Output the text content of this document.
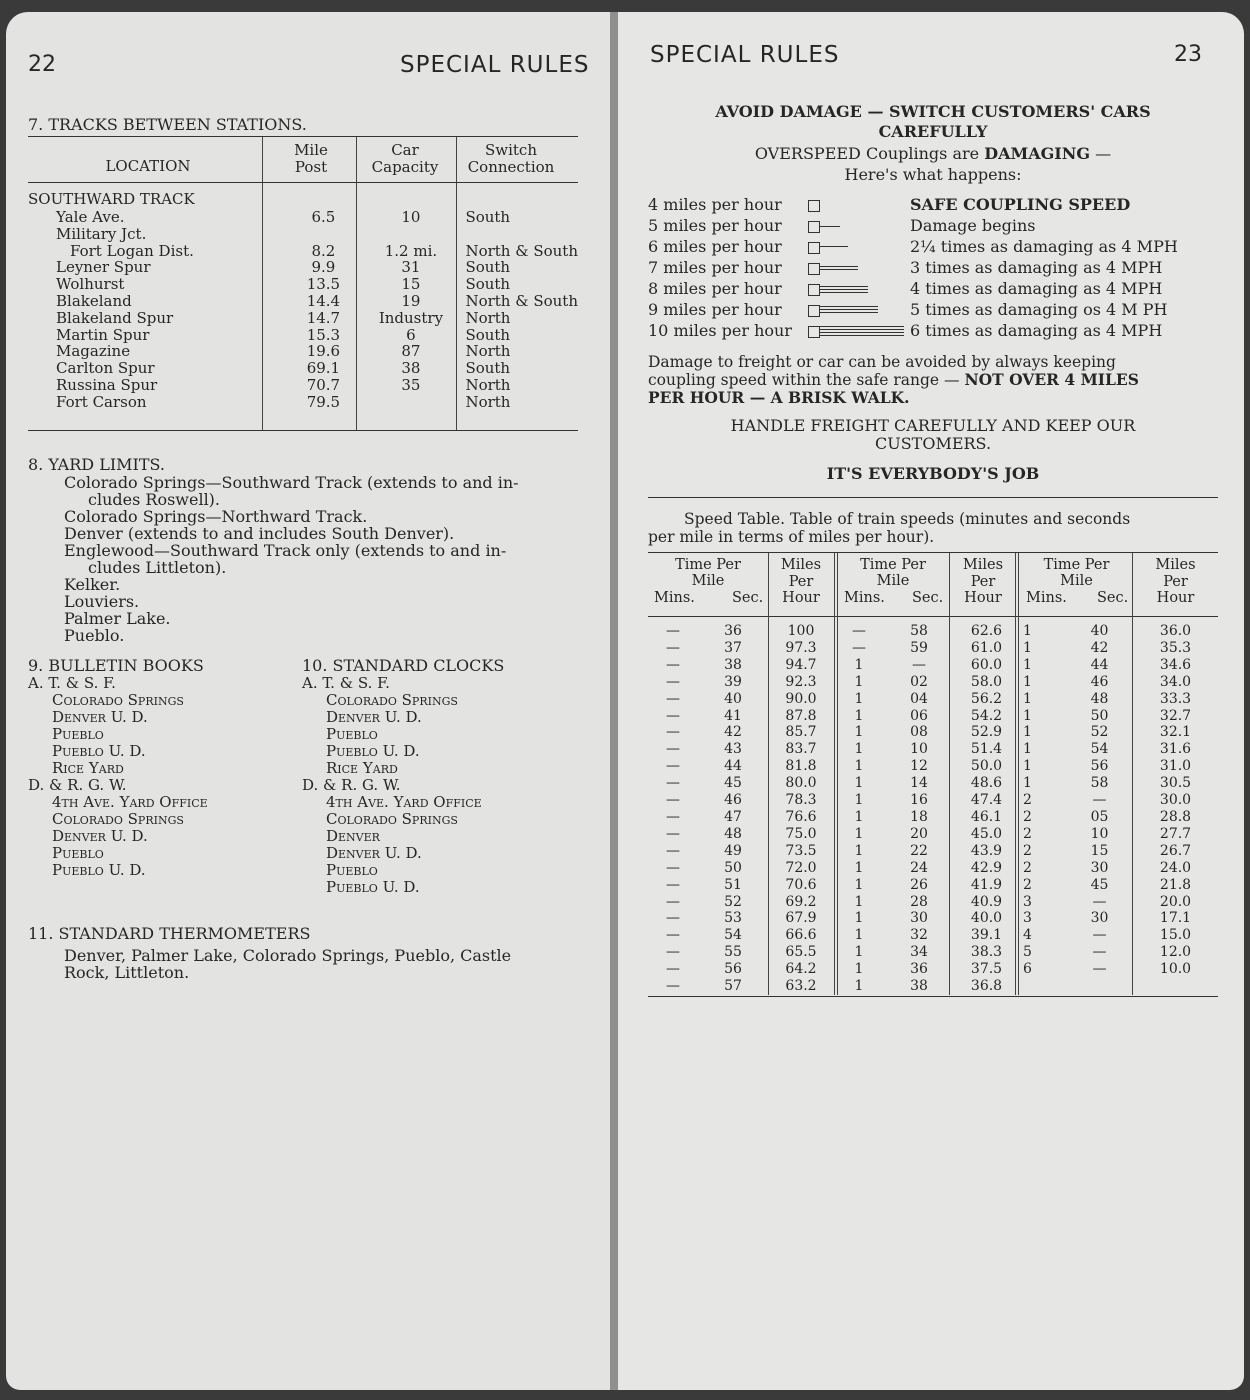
22	SPECIAL RULES
7. TRACKS BETWEEN STATIONS.
LOCATION
Mile
Post
Car
Capacity
Switch
Connection
SOUTHWARD TRACK
Yale Ave.	6.5	10	South
Military Jct.			
Fort Logan Dist.	8.2	1.2 mi.	North & South
Leyner Spur	9.9	31	South
Wolhurst	13.5	15	South
Blakeland	14.4	19	North & South
Blakeland Spur	14.7	Industry	North
Martin Spur	15.3	6	South
Magazine	19.6	87	North
Carlton Spur	69.1	38	South
Russina Spur	70.7	35	North
Fort Carson	79.5		North
8. YARD LIMITS.
Colorado Springs—Southward Track (extends to and in-
cludes Roswell).
Colorado Springs—Northward Track.
Denver (extends to and includes South Denver).
Englewood—Southward Track only (extends to and in-
cludes Littleton).
Kelker.
Louviers.
Palmer Lake.
Pueblo.
9. BULLETIN BOOKS
A. T. & S. F.
Colorado Springs
Denver U. D.
Pueblo
Pueblo U. D.
Rice Yard
D. & R. G. W.
4th Ave. Yard Office
Colorado Springs
Denver U. D.
Pueblo
Pueblo U. D.
10. STANDARD CLOCKS
A. T. & S. F.
Colorado Springs
Denver U. D.
Pueblo
Pueblo U. D.
Rice Yard
D. & R. G. W.
4th Ave. Yard Office
Colorado Springs
Denver
Denver U. D.
Pueblo
Pueblo U. D.
11. STANDARD THERMOMETERS
Denver, Palmer Lake, Colorado Springs, Pueblo, Castle
Rock, Littleton.
SPECIAL RULES	23
AVOID DAMAGE — SWITCH CUSTOMERS' CARS
CAREFULLY
OVERSPEED Couplings are DAMAGING —
Here's what happens:
4 miles per hour	SAFE COUPLING SPEED
5 miles per hour	Damage begins
6 miles per hour	2¼ times as damaging as 4 MPH
7 miles per hour	3 times as damaging as 4 MPH
8 miles per hour	4 times as damaging as 4 MPH
9 miles per hour	5 times as damaging os 4 M PH
10 miles per hour	6 times as damaging as 4 MPH
Damage to freight or car can be avoided by always keeping
coupling speed within the safe range — NOT OVER 4 MILES
PER HOUR — A BRISK WALK.
HANDLE FREIGHT CAREFULLY AND KEEP OUR
CUSTOMERS.
IT'S EVERYBODY'S JOB
Speed Table. Table of train speeds (minutes and seconds
per mile in terms of miles per hour).
Time Per
Mile
Mins.	Sec.
Miles
Per
Hour
Time Per
Mile
Mins. Sec.
Miles
Per
Hour
Time Per
Mile
Mins. Sec.
Miles
Per
Hour
—	36	100	—	58	62.6	1	40	36.0
—	37	97.3	—	59	61.0	1	42	35.3
—	38	94.7	1	—	60.0	1	44	34.6
—	39	92.3	1	02	58.0	1	46	34.0
—	40	90.0	1	04	56.2	1	48	33.3
—	41	87.8	1	06	54.2	1	50	32.7
—	42	85.7	1	08	52.9	1	52	32.1
—	43	83.7	1	10	51.4	1	54	31.6
—	44	81.8	1	12	50.0	1	56	31.0
—	45	80.0	1	14	48.6	1	58	30.5
—	46	78.3	1	16	47.4	2	—	30.0
—	47	76.6	1	18	46.1	2	05	28.8
—	48	75.0	1	20	45.0	2	10	27.7
—	49	73.5	1	22	43.9	2	15	26.7
—	50	72.0	1	24	42.9	2	30	24.0
—	51	70.6	1	26	41.9	2	45	21.8
—	52	69.2	1	28	40.9	3	—	20.0
—	53	67.9	1	30	40.0	3	30	17.1
—	54	66.6	1	32	39.1	4	—	15.0
—	55	65.5	1	34	38.3	5	—	12.0
—	56	64.2	1	36	37.5	6	—	10.0
—	57	63.2	1	38	36.8			
